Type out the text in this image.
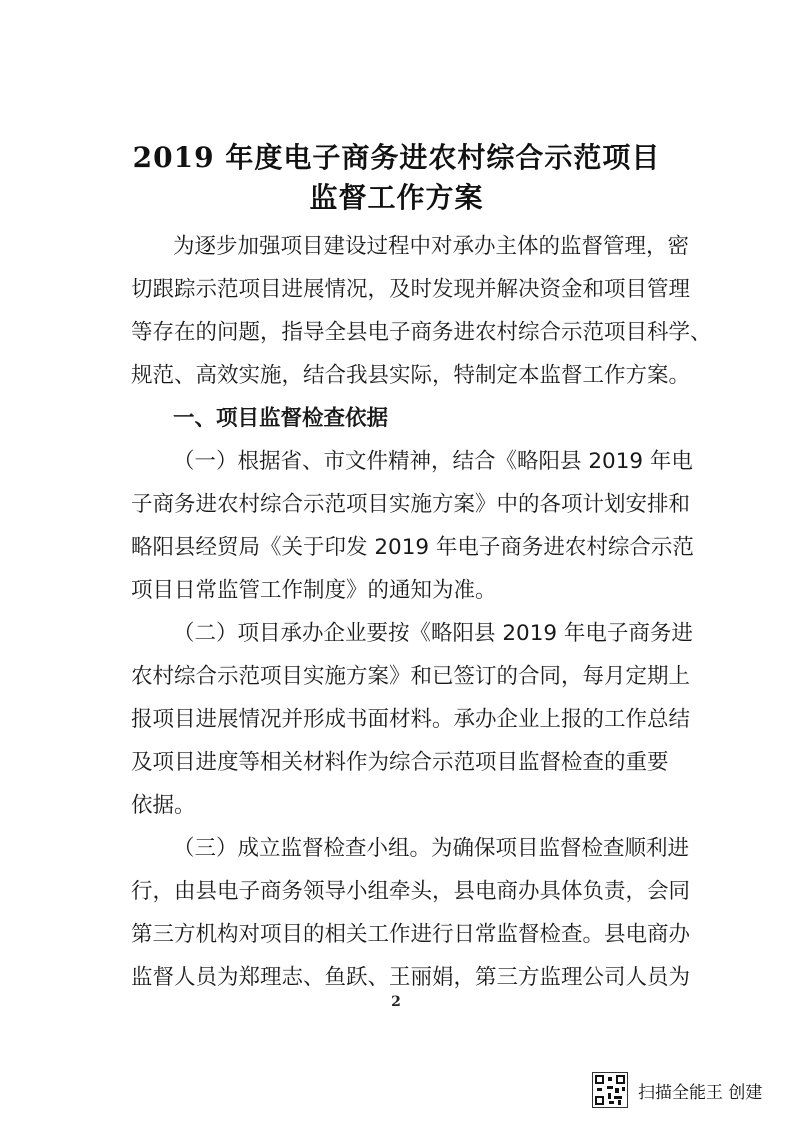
2019 年度电子商务进农村综合示范项目
监督工作方案
为逐步加强项目建设过程中对承办主体的监督管理，密
切跟踪示范项目进展情况，及时发现并解决资金和项目管理
等存在的问题，指导全县电子商务进农村综合示范项目科学、
规范、高效实施，结合我县实际，特制定本监督工作方案。
一、项目监督检查依据
（一）根据省、市文件精神，结合《略阳县 2019 年电
子商务进农村综合示范项目实施方案》中的各项计划安排和
略阳县经贸局《关于印发 2019 年电子商务进农村综合示范
项目日常监管工作制度》的通知为准。
（二）项目承办企业要按《略阳县 2019 年电子商务进
农村综合示范项目实施方案》和已签订的合同，每月定期上
报项目进展情况并形成书面材料。承办企业上报的工作总结
及项目进度等相关材料作为综合示范项目监督检查的重要
依据。
（三）成立监督检查小组。为确保项目监督检查顺利进
行，由县电子商务领导小组牵头，县电商办具体负责，会同
第三方机构对项目的相关工作进行日常监督检查。县电商办
监督人员为郑理志、鱼跃、王丽娟，第三方监理公司人员为
2
扫描全能王 创建
